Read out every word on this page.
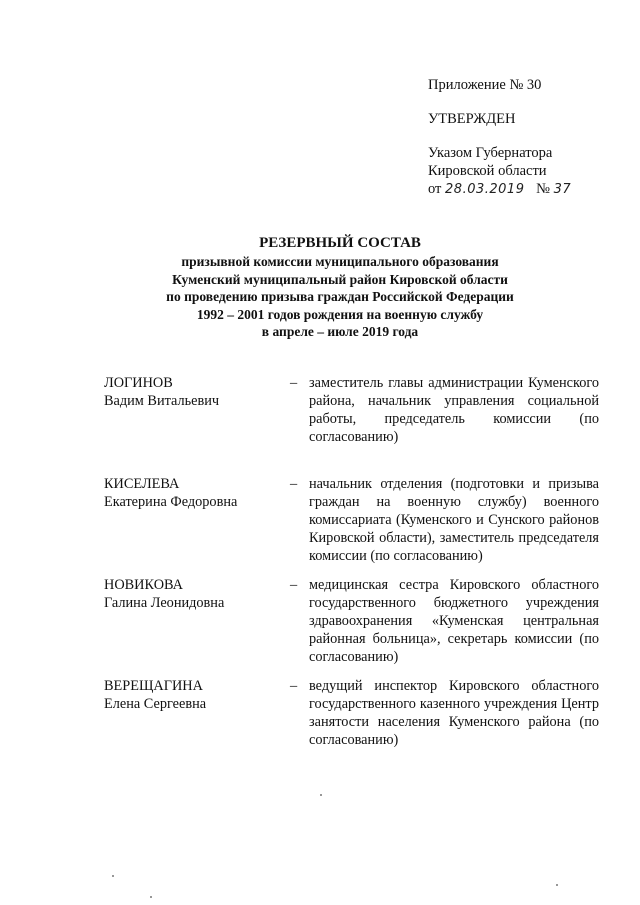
Приложение № 30
УТВЕРЖДЕН
Указом Губернатора
Кировской области
от 28.03.2019 № 37
РЕЗЕРВНЫЙ СОСТАВ
призывной комиссии муниципального образования
Куменский муниципальный район Кировской области
по проведению призыва граждан Российской Федерации
1992 – 2001 годов рождения на военную службу
в апреле – июле 2019 года
ЛОГИНОВ
Вадим Витальевич
– заместитель главы администрации Куменского района, начальник управления социальной работы, председатель комиссии (по согласованию)
КИСЕЛЕВА
Екатерина Федоровна
– начальник отделения (подготовки и призыва граждан на военную службу) военного комиссариата (Куменского и Сунского районов Кировской области), заместитель председателя комиссии (по согласованию)
НОВИКОВА
Галина Леонидовна
– медицинская сестра Кировского областного государственного бюджетного учреждения здравоохранения «Куменская центральная районная больница», секретарь комиссии (по согласованию)
ВЕРЕЩАГИНА
Елена Сергеевна
– ведущий инспектор Кировского областного государственного казенного учреждения Центр занятости населения Куменского района (по согласованию)
